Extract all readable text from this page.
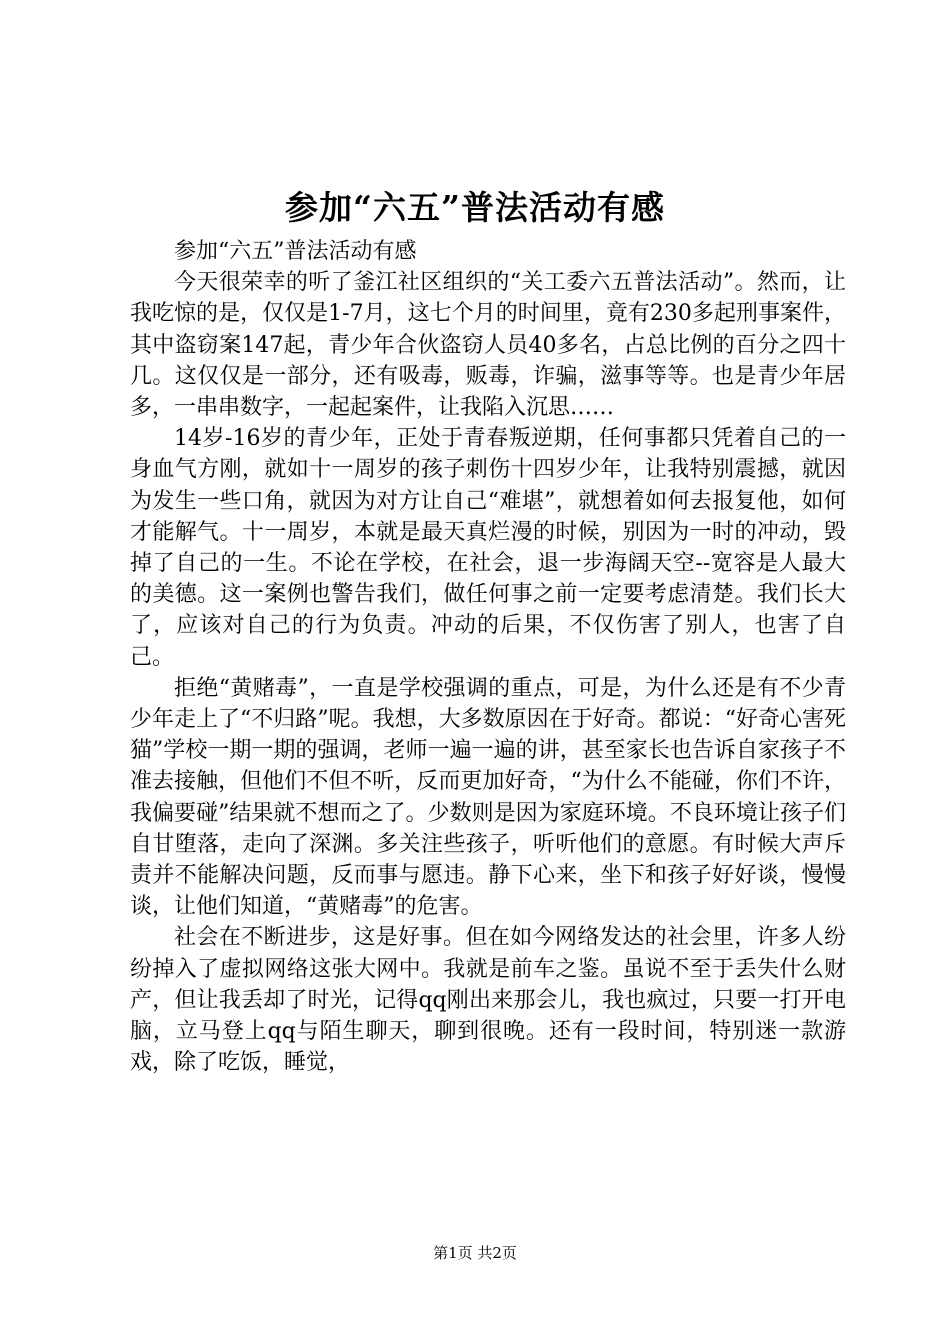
参加“六五”普法活动有感

参加“六五”普法活动有感

今天很荣幸的听了釜江社区组织的“关工委六五普法活动”。然而，让我吃惊的是，仅仅是1-7月，这七个月的时间里，竟有230多起刑事案件，其中盗窃案147起，青少年合伙盗窃人员40多名，占总比例的百分之四十几。这仅仅是一部分，还有吸毒，贩毒，诈骗，滋事等等。也是青少年居多，一串串数字，一起起案件，让我陷入沉思……

14岁-16岁的青少年，正处于青春叛逆期，任何事都只凭着自己的一身血气方刚，就如十一周岁的孩子刺伤十四岁少年，让我特别震撼，就因为发生一些口角，就因为对方让自己“难堪”，就想着如何去报复他，如何才能解气。十一周岁，本就是最天真烂漫的时候，别因为一时的冲动，毁掉了自己的一生。不论在学校，在社会，退一步海阔天空--宽容是人最大的美德。这一案例也警告我们，做任何事之前一定要考虑清楚。我们长大了，应该对自己的行为负责。冲动的后果，不仅伤害了别人，也害了自己。

拒绝“黄赌毒”，一直是学校强调的重点，可是，为什么还是有不少青少年走上了“不归路”呢。我想，大多数原因在于好奇。都说：“好奇心害死猫”学校一期一期的强调，老师一遍一遍的讲，甚至家长也告诉自家孩子不准去接触，但他们不但不听，反而更加好奇，“为什么不能碰，你们不许，我偏要碰”结果就不想而之了。少数则是因为家庭环境。不良环境让孩子们自甘堕落，走向了深渊。多关注些孩子，听听他们的意愿。有时候大声斥责并不能解决问题，反而事与愿违。静下心来，坐下和孩子好好谈，慢慢谈，让他们知道，“黄赌毒”的危害。

社会在不断进步，这是好事。但在如今网络发达的社会里，许多人纷纷掉入了虚拟网络这张大网中。我就是前车之鉴。虽说不至于丢失什么财产，但让我丢却了时光，记得qq刚出来那会儿，我也疯过，只要一打开电脑，立马登上qq与陌生聊天，聊到很晚。还有一段时间，特别迷一款游戏，除了吃饭，睡觉，

第1页 共2页
